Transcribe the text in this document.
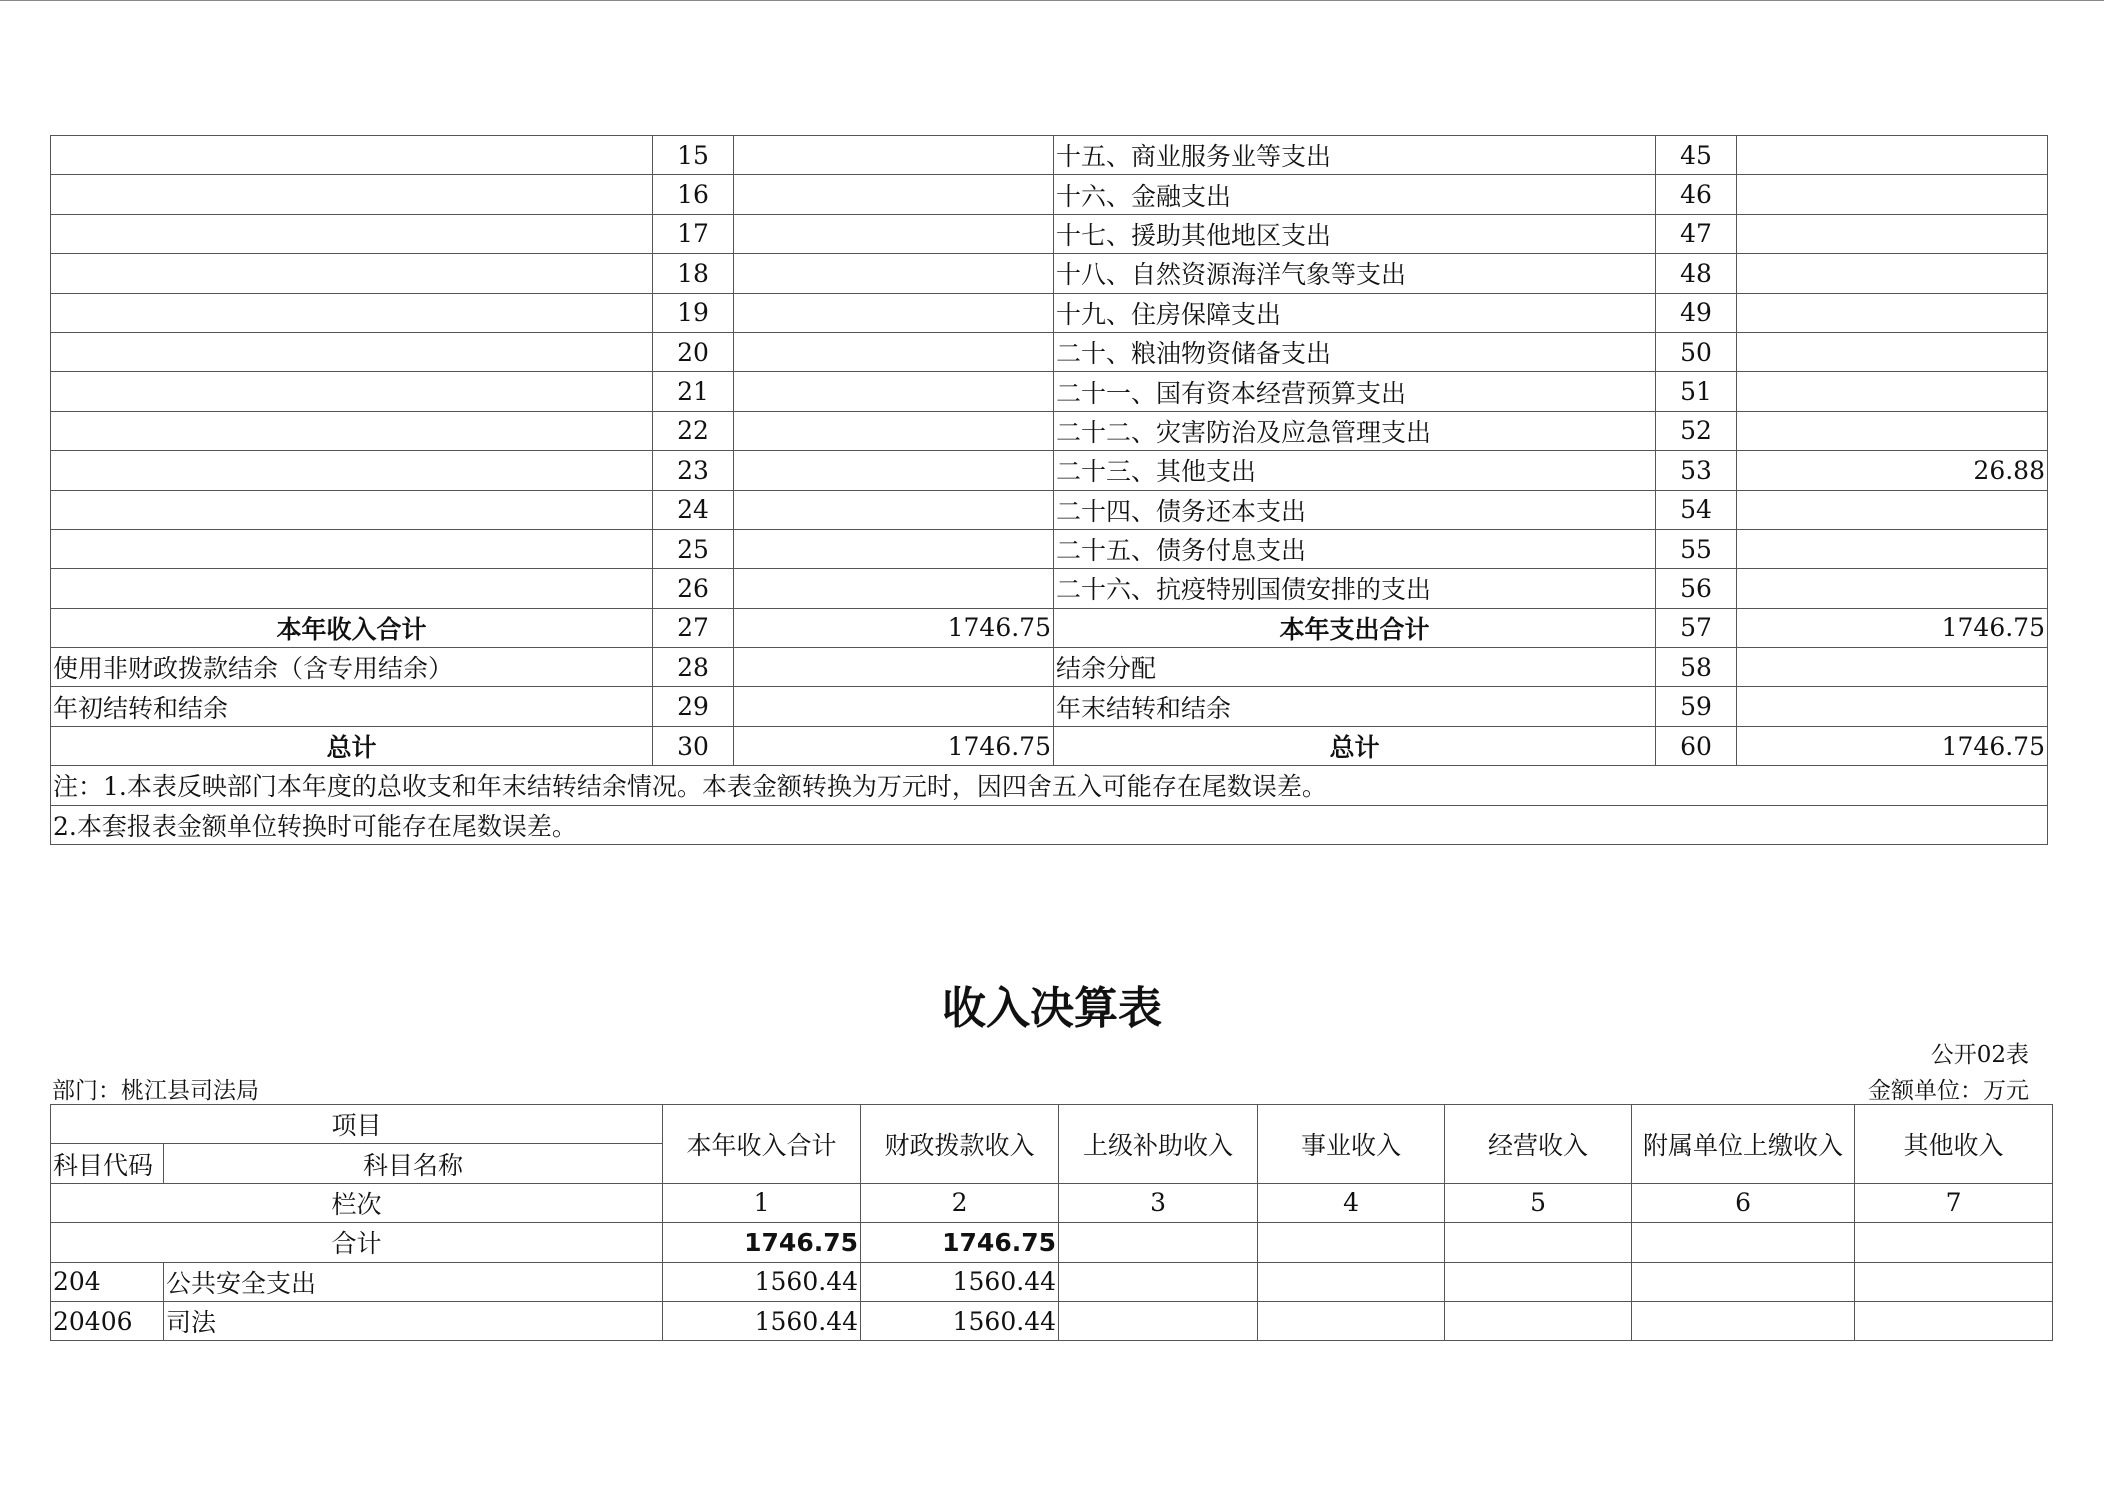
	15		十五、商业服务业等支出	45	
	16		十六、金融支出	46	
	17		十七、援助其他地区支出	47	
	18		十八、自然资源海洋气象等支出	48	
	19		十九、住房保障支出	49	
	20		二十、粮油物资储备支出	50	
	21		二十一、国有资本经营预算支出	51	
	22		二十二、灾害防治及应急管理支出	52	
	23		二十三、其他支出	53	26.88
	24		二十四、债务还本支出	54	
	25		二十五、债务付息支出	55	
	26		二十六、抗疫特别国债安排的支出	56	
本年收入合计	27	1746.75	本年支出合计	57	1746.75
使用非财政拨款结余（含专用结余）	28		结余分配	58	
年初结转和结余	29		年末结转和结余	59	
总计	30	1746.75	总计	60	1746.75
注：1.本表反映部门本年度的总收支和年末结转结余情况。本表金额转换为万元时，因四舍五入可能存在尾数误差。					
2.本套报表金额单位转换时可能存在尾数误差。					
收入决算表
公开02表
部门：桃江县司法局	金额单位：万元
项目		本年收入合计	财政拨款收入	上级补助收入	事业收入	经营收入	附属单位上缴收入	其他收入
科目代码	科目名称							
栏次		1	2	3	4	5	6	7
合计		1746.75	1746.75					
204	公共安全支出	1560.44	1560.44					
20406	司法	1560.44	1560.44					
